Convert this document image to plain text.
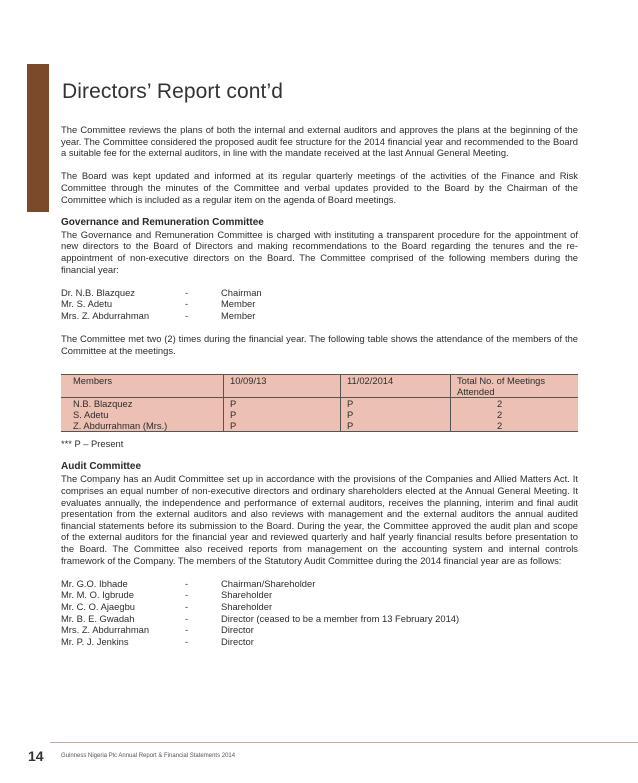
Directors’ Report cont’d

The Committee reviews the plans of both the internal and external auditors and approves the plans at the beginning of the year. The Committee considered the proposed audit fee structure for the 2014 financial year and recommended to the Board a suitable fee for the external auditors, in line with the mandate received at the last Annual General Meeting.

The Board was kept updated and informed at its regular quarterly meetings of the activities of the Finance and Risk Committee through the minutes of the Committee and verbal updates provided to the Board by the Chairman of the Committee which is included as a regular item on the agenda of Board meetings.

Governance and Remuneration Committee

The Governance and Remuneration Committee is charged with instituting a transparent procedure for the appointment of new directors to the Board of Directors and making recommendations to the Board regarding the tenures and the re-appointment of non-executive directors on the Board. The Committee comprised of the following members during the financial year:

Dr. N.B. Blazquez	-	Chairman
Mr. S. Adetu	-	Member
Mrs. Z. Abdurrahman	-	Member

The Committee met two (2) times during the financial year. The following table shows the attendance of the members of the Committee at the meetings.

Members	10/09/13	11/02/2014	Total No. of Meetings Attended
N.B. Blazquez	P	P	2
S. Adetu	P	P	2
Z. Abdurrahman (Mrs.)	P	P	2
*** P – Present
Audit Committee

The Company has an Audit Committee set up in accordance with the provisions of the Companies and Allied Matters Act. It comprises an equal number of non-executive directors and ordinary shareholders elected at the Annual General Meeting. It evaluates annually, the independence and performance of external auditors, receives the planning, interim and final audit presentation from the external auditors and also reviews with management and the external auditors the annual audited financial statements before its submission to the Board. During the year, the Committee approved the audit plan and scope of the external auditors for the financial year and reviewed quarterly and half yearly financial results before presentation to the Board. The Committee also received reports from management on the accounting system and internal controls framework of the Company. The members of the Statutory Audit Committee during the 2014 financial year are as follows:

Mr. G.O. Ibhade	-	Chairman/Shareholder
Mr. M. O. Igbrude	-	Shareholder
Mr. C. O. Ajaegbu	-	Shareholder
Mr. B. E. Gwadah	-	Director (ceased to be a member from 13 February 2014)
Mrs. Z. Abdurrahman	-	Director
Mr. P. J. Jenkins	-	Director
14	Guinness Nigeria Plc Annual Report & Financial Statements 2014
